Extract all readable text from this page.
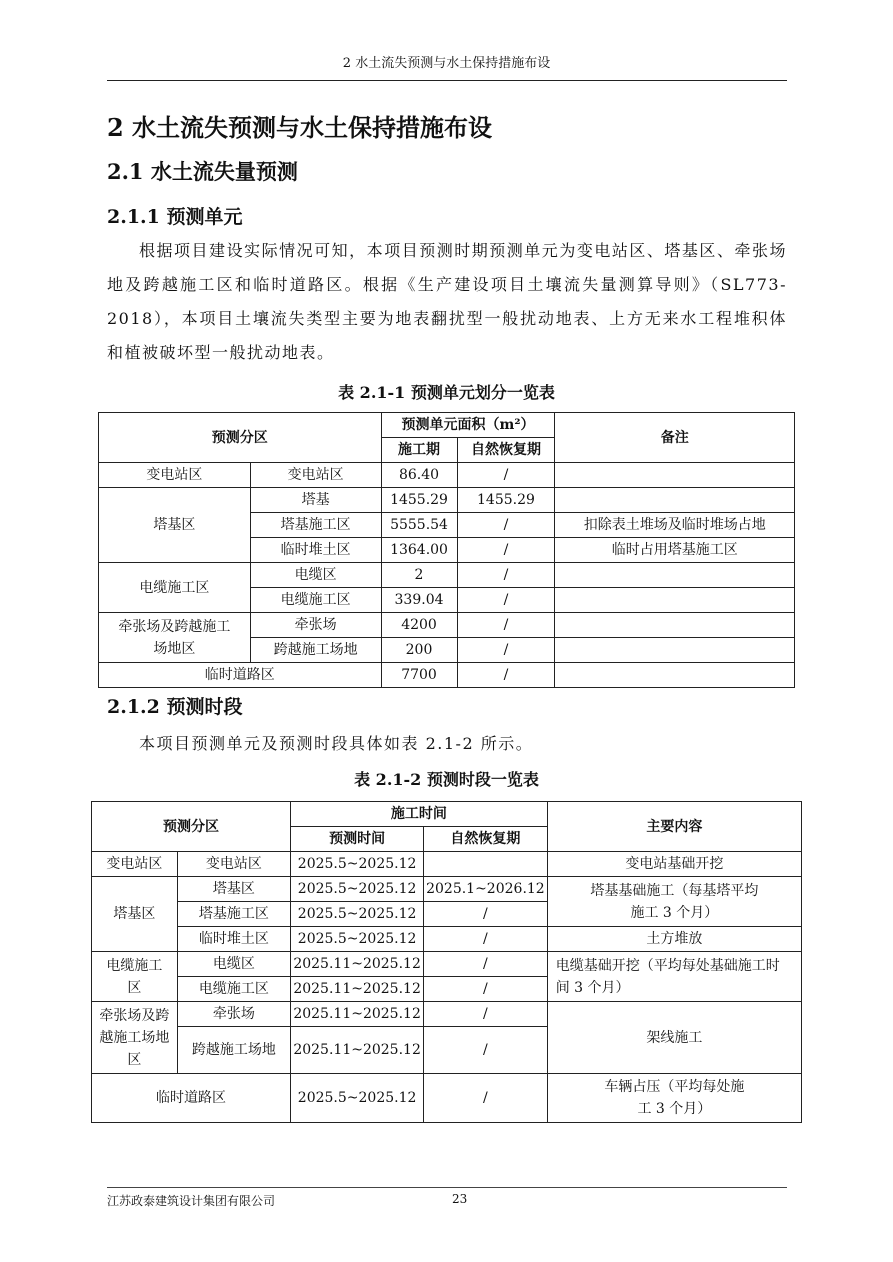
2 水土流失预测与水土保持措施布设
2 水土流失预测与水土保持措施布设
2.1 水土流失量预测
2.1.1 预测单元
根据项目建设实际情况可知，本项目预测时期预测单元为变电站区、塔基区、牵张场地及跨越施工区和临时道路区。根据《生产建设项目土壤流失量测算导则》（SL773-2018），本项目土壤流失类型主要为地表翻扰型一般扰动地表、上方无来水工程堆积体和植被破坏型一般扰动地表。
表 2.1-1 预测单元划分一览表
预测分区		预测单元面积（m²）		备注
		施工期	自然恢复期	
变电站区	变电站区	86.40	/	
塔基区	塔基	1455.29	1455.29	
	塔基施工区	5555.54	/	扣除表土堆场及临时堆场占地
	临时堆土区	1364.00	/	临时占用塔基施工区
电缆施工区	电缆区	2	/	
	电缆施工区	339.04	/	
牵张场及跨越施工场地区	牵张场	4200	/	
	跨越施工场地	200	/	
临时道路区		7700	/	
2.1.2 预测时段
本项目预测单元及预测时段具体如表 2.1-2 所示。
表 2.1-2 预测时段一览表
预测分区		施工时间		主要内容
		预测时间	自然恢复期	
变电站区	变电站区	2025.5~2025.12		变电站基础开挖
塔基区	塔基区	2025.5~2025.12	2025.1~2026.12	塔基基础施工（每基塔平均施工 3 个月）
	塔基施工区	2025.5~2025.12	/	
	临时堆土区	2025.5~2025.12	/	土方堆放
电缆施工区	电缆区	2025.11~2025.12	/	电缆基础开挖（平均每处基础施工时间 3 个月）
	电缆施工区	2025.11~2025.12	/	
牵张场及跨越施工场地区	牵张场	2025.11~2025.12	/	架线施工
	跨越施工场地	2025.11~2025.12	/	
临时道路区		2025.5~2025.12	/	车辆占压（平均每处施工 3 个月）
江苏政泰建筑设计集团有限公司	23
